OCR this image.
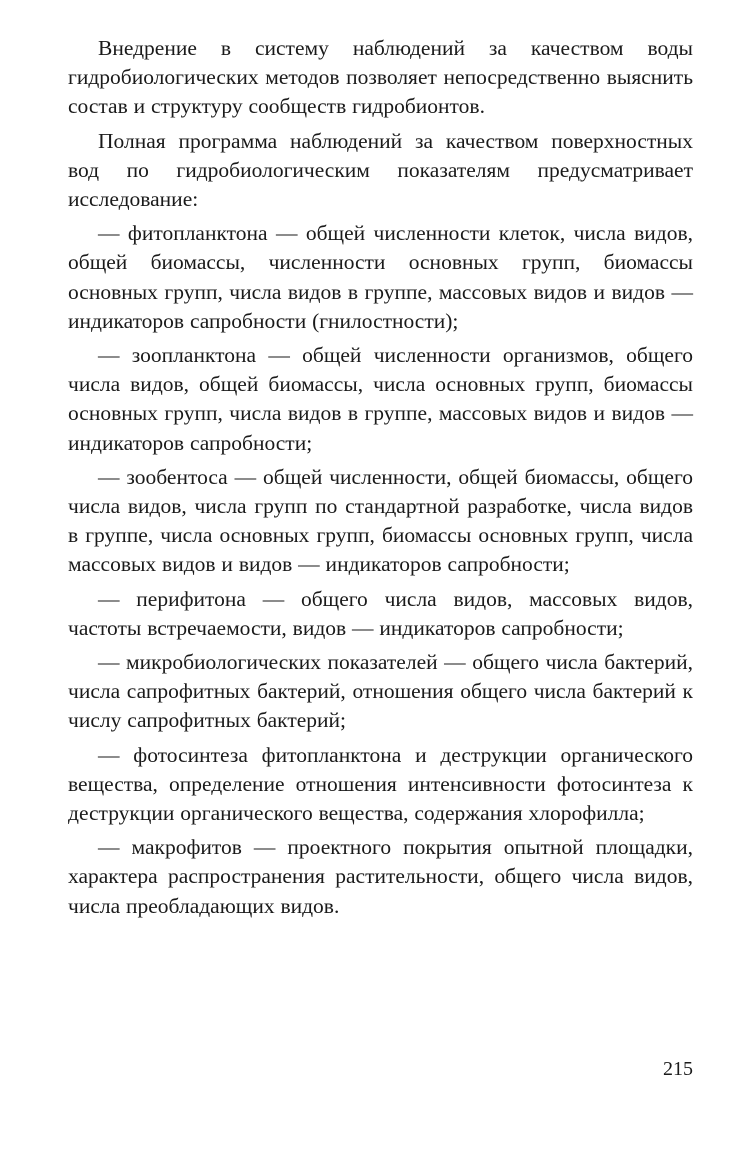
Внедрение в систему наблюдений за качеством воды гидробиологических методов позволяет непосредственно выяснить состав и структуру сообществ гидробионтов.

Полная программа наблюдений за качеством поверхностных вод по гидробиологическим показателям предусматривает исследование:

— фитопланктона — общей численности клеток, числа видов, общей биомассы, численности основных групп, биомассы основных групп, числа видов в группе, массовых видов и видов — индикаторов сапробности (гнилостности);

— зоопланктона — общей численности организмов, общего числа видов, общей биомассы, числа основных групп, биомассы основных групп, числа видов в группе, массовых видов и видов — индикаторов сапробности;

— зообентоса — общей численности, общей биомассы, общего числа видов, числа групп по стандартной разработке, числа видов в группе, числа основных групп, биомассы основных групп, числа массовых видов и видов — индикаторов сапробности;

— перифитона — общего числа видов, массовых видов, частоты встречаемости, видов — индикаторов сапробности;

— микробиологических показателей — общего числа бактерий, числа сапрофитных бактерий, отношения общего числа бактерий к числу сапрофитных бактерий;

— фотосинтеза фитопланктона и деструкции органического вещества, определение отношения интенсивности фотосинтеза к деструкции органического вещества, содержания хлорофилла;

— макрофитов — проектного покрытия опытной площадки, характера распространения растительности, общего числа видов, числа преобладающих видов.

215
